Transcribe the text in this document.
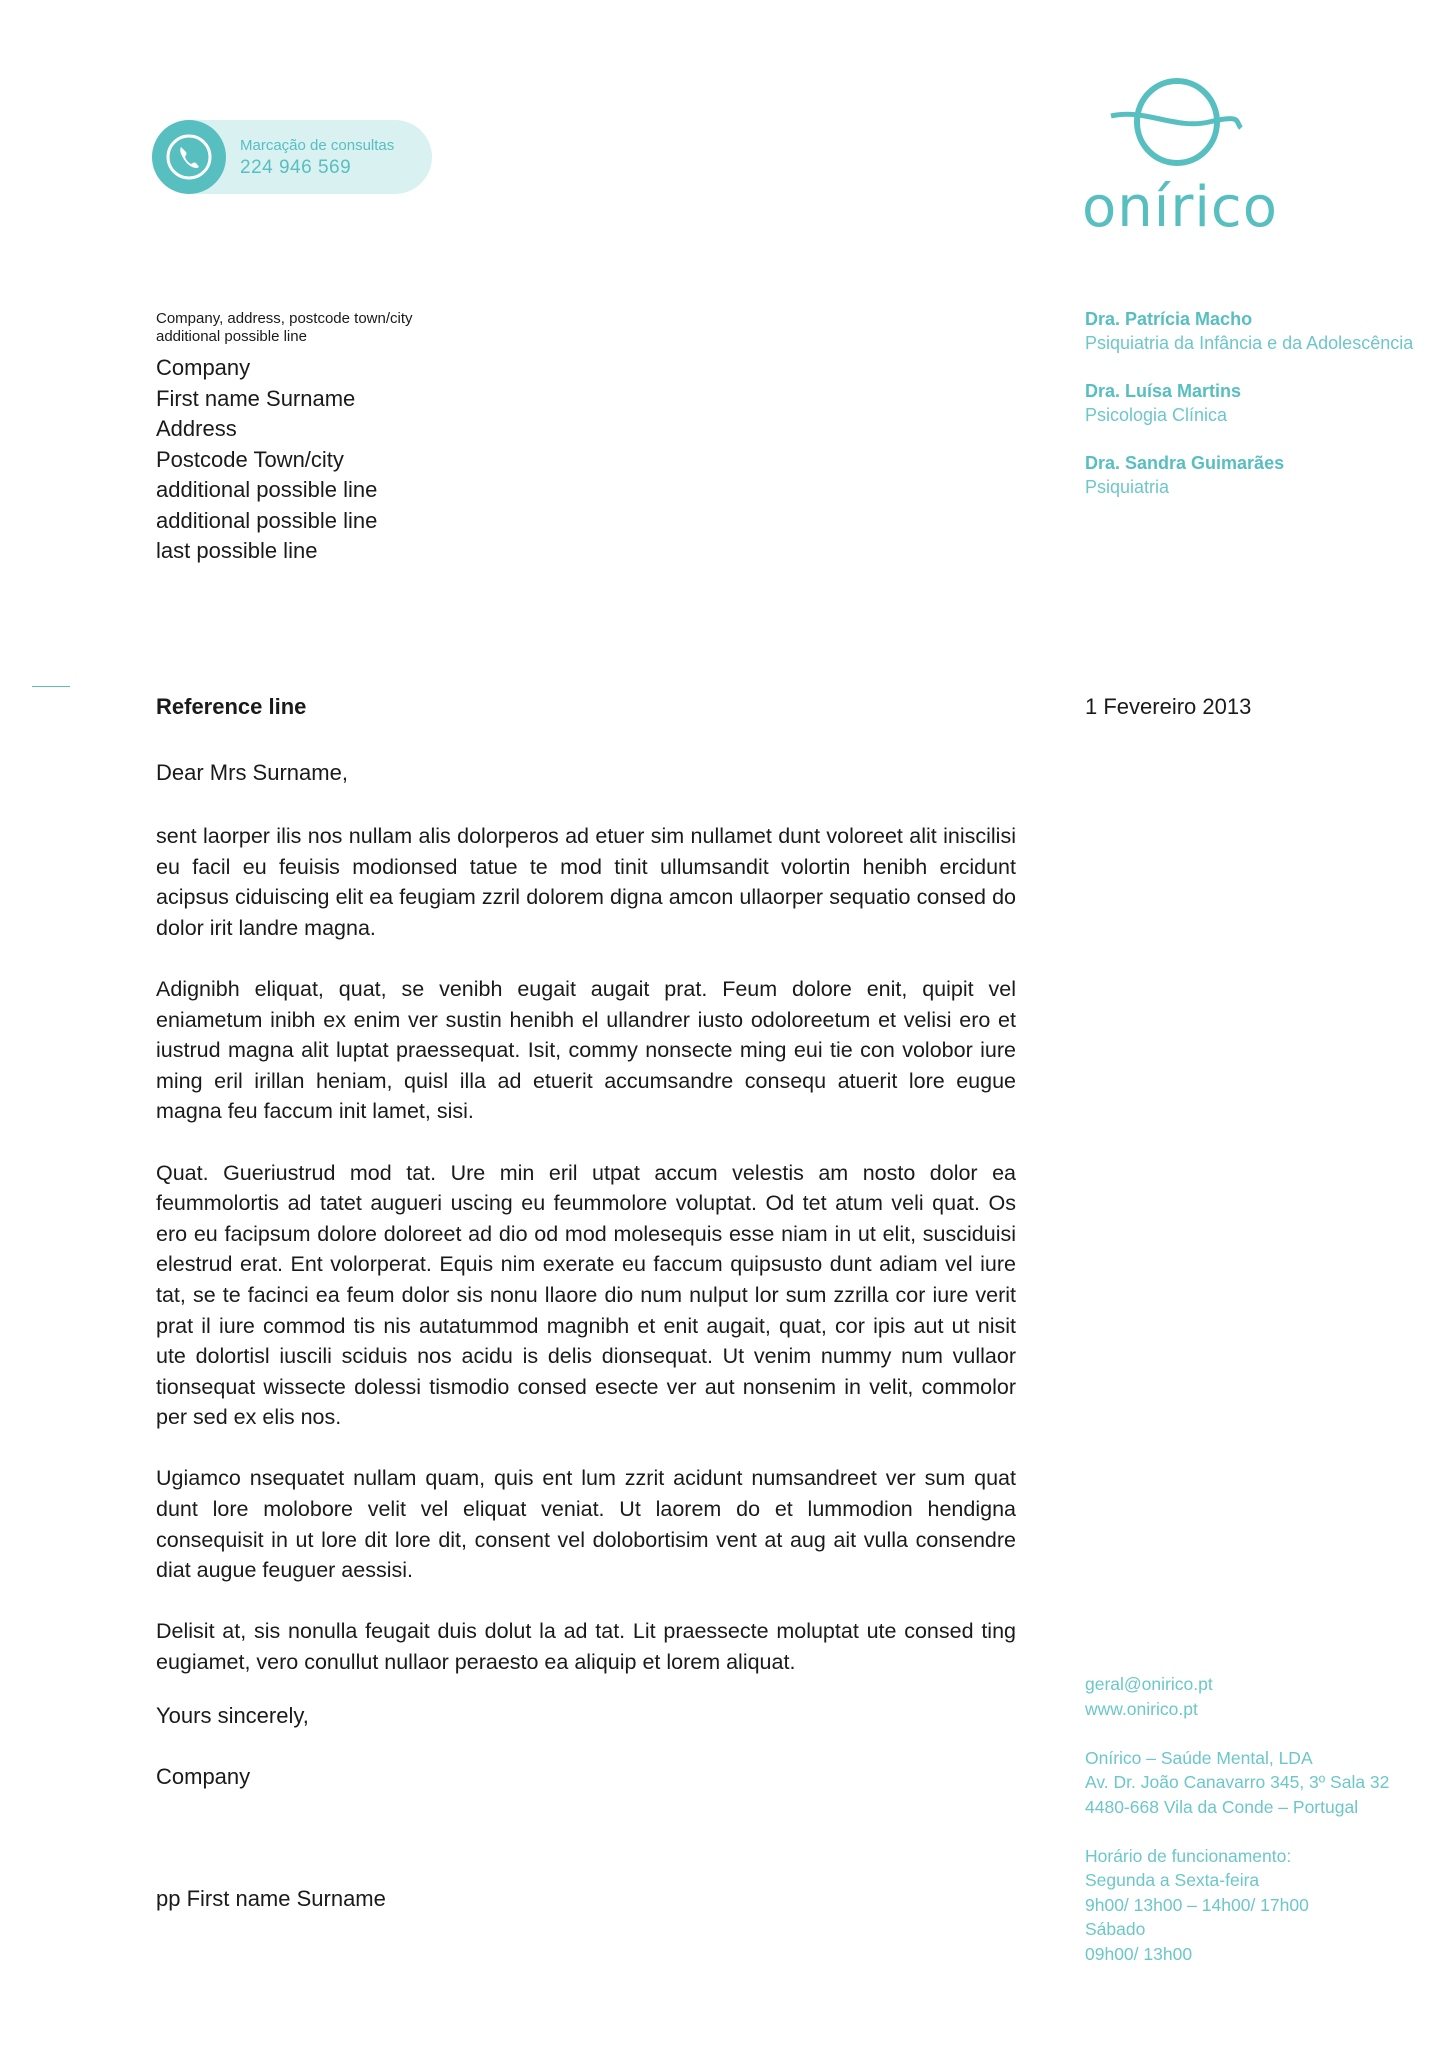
Marcação de consultas
224 946 569
onírico
Company, address, postcode town/city
additional possible line
Company
First name Surname
Address
Postcode Town/city
additional possible line
additional possible line
last possible line
Dra. Patrícia Macho
Psiquiatria da Infância e da Adolescência
Dra. Luísa Martins
Psicologia Clínica
Dra. Sandra Guimarães
Psiquiatria
Reference line	1 Fevereiro 2013
Dear Mrs Surname,

sent laorper ilis nos nullam alis dolorperos ad etuer sim nullamet dunt voloreet alit iniscilisi eu facil eu feuisis modionsed tatue te mod tinit ullumsandit volortin henibh ercidunt acipsus ciduiscing elit ea feugiam zzril dolorem digna amcon ullaorper sequatio consed do dolor irit landre magna.

Adignibh eliquat, quat, se venibh eugait augait prat. Feum dolore enit, quipit vel eniametum inibh ex enim ver sustin henibh el ullandrer iusto odoloreetum et velisi ero et iustrud magna alit luptat praessequat. Isit, commy nonsecte ming eui tie con volobor iure ming eril irillan heniam, quisl illa ad etuerit accumsandre consequ atuerit lore eugue magna feu faccum init lamet, sisi.

Quat. Gueriustrud mod tat. Ure min eril utpat accum velestis am nosto dolor ea feummolortis ad tatet augueri uscing eu feummolore voluptat. Od tet atum veli quat. Os ero eu facipsum dolore doloreet ad dio od mod molesequis esse niam in ut elit, susciduisi elestrud erat. Ent volorperat. Equis nim exerate eu faccum quipsusto dunt adiam vel iure tat, se te facinci ea feum dolor sis nonu llaore dio num nulput lor sum zzrilla cor iure verit prat il iure commod tis nis autatummod magnibh et enit augait, quat, cor ipis aut ut nisit ute dolortisl iuscili sciduis nos acidu is delis dionsequat. Ut venim nummy num vullaor tionsequat wissecte dolessi tismodio consed esecte ver aut nonsenim in velit, commolor per sed ex elis nos.

Ugiamco nsequatet nullam quam, quis ent lum zzrit acidunt numsandreet ver sum quat dunt lore molobore velit vel eliquat veniat. Ut laorem do et lummodion hendigna consequisit in ut lore dit lore dit, consent vel dolobortisim vent at aug ait vulla consendre diat augue feuguer aessisi.

Delisit at, sis nonulla feugait duis dolut la ad tat. Lit praessecte moluptat ute consed ting eugiamet, vero conullut nullaor peraesto ea aliquip et lorem aliquat.

Yours sincerely,
Company
pp First name Surname
geral@onirico.pt
www.onirico.pt
Onírico – Saúde Mental, LDA
Av. Dr. João Canavarro 345, 3º Sala 32
4480-668 Vila da Conde – Portugal
Horário de funcionamento:
Segunda a Sexta-feira
9h00/ 13h00 – 14h00/ 17h00
Sábado
09h00/ 13h00
